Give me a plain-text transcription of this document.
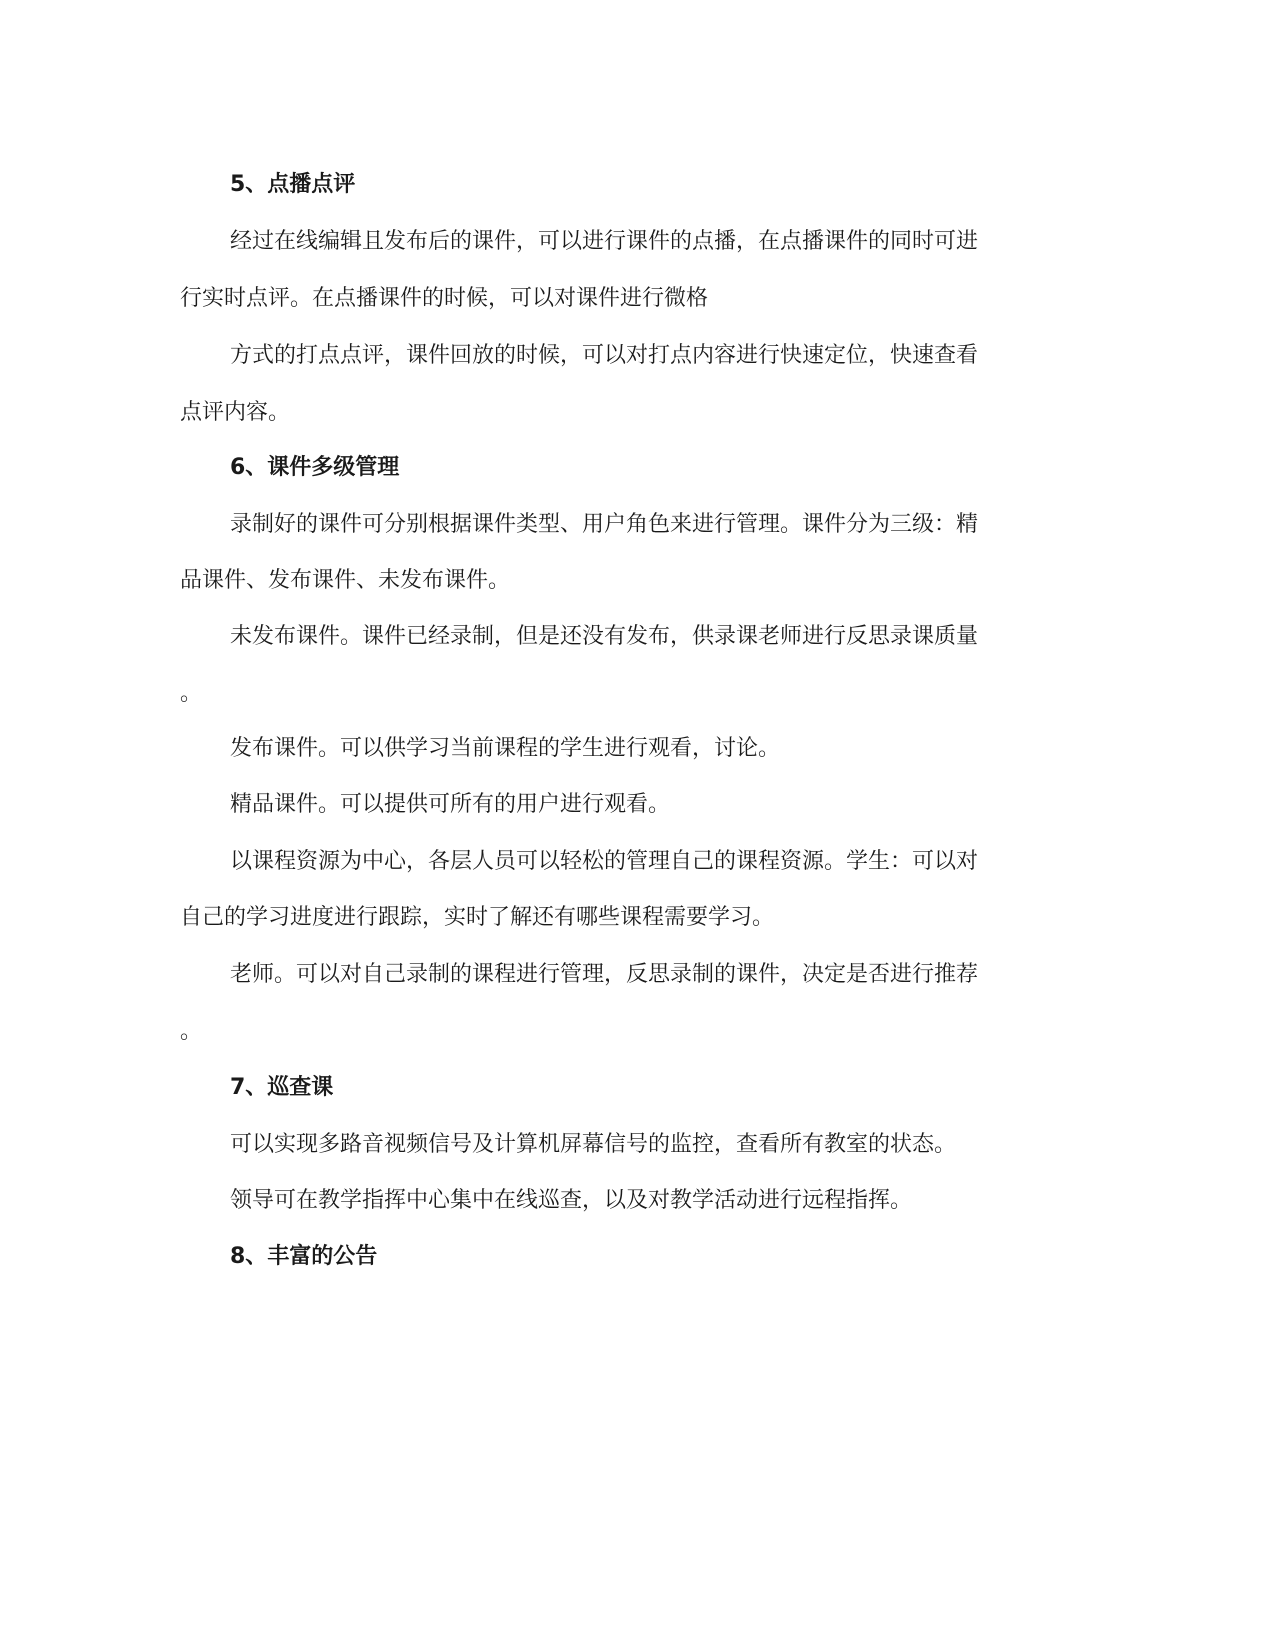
5、点播点评
经过在线编辑且发布后的课件，可以进行课件的点播，在点播课件的同时可进
行实时点评。在点播课件的时候，可以对课件进行微格
方式的打点点评，课件回放的时候，可以对打点内容进行快速定位，快速查看
点评内容。
6、课件多级管理
录制好的课件可分别根据课件类型、用户角色来进行管理。课件分为三级：精
品课件、发布课件、未发布课件。
未发布课件。课件已经录制，但是还没有发布，供录课老师进行反思录课质量
。
发布课件。可以供学习当前课程的学生进行观看，讨论。
精品课件。可以提供可所有的用户进行观看。
以课程资源为中心，各层人员可以轻松的管理自己的课程资源。学生：可以对
自己的学习进度进行跟踪，实时了解还有哪些课程需要学习。
老师。可以对自己录制的课程进行管理，反思录制的课件，决定是否进行推荐
。
7、巡查课
可以实现多路音视频信号及计算机屏幕信号的监控，查看所有教室的状态。
领导可在教学指挥中心集中在线巡查，以及对教学活动进行远程指挥。
8、丰富的公告
